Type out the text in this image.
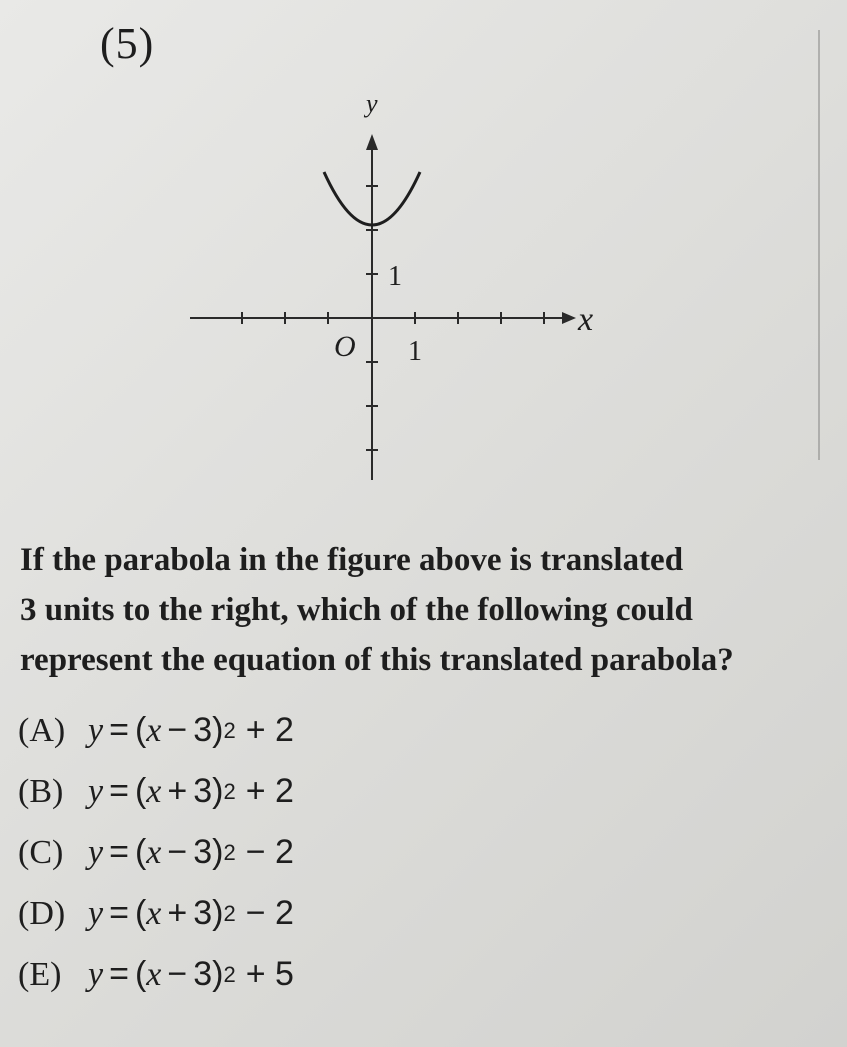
(5)
y
x
O 1
1

If the parabola in the figure above is translated

3 units to the right, which of the following could

represent the equation of this translated parabola?

(A) y = ( x − 3) 2 + 2
(B) y = ( x + 3) 2 + 2
(C) y = ( x − 3) 2 − 2
(D) y = ( x + 3) 2 − 2
(E) y = ( x − 3) 2 + 5
